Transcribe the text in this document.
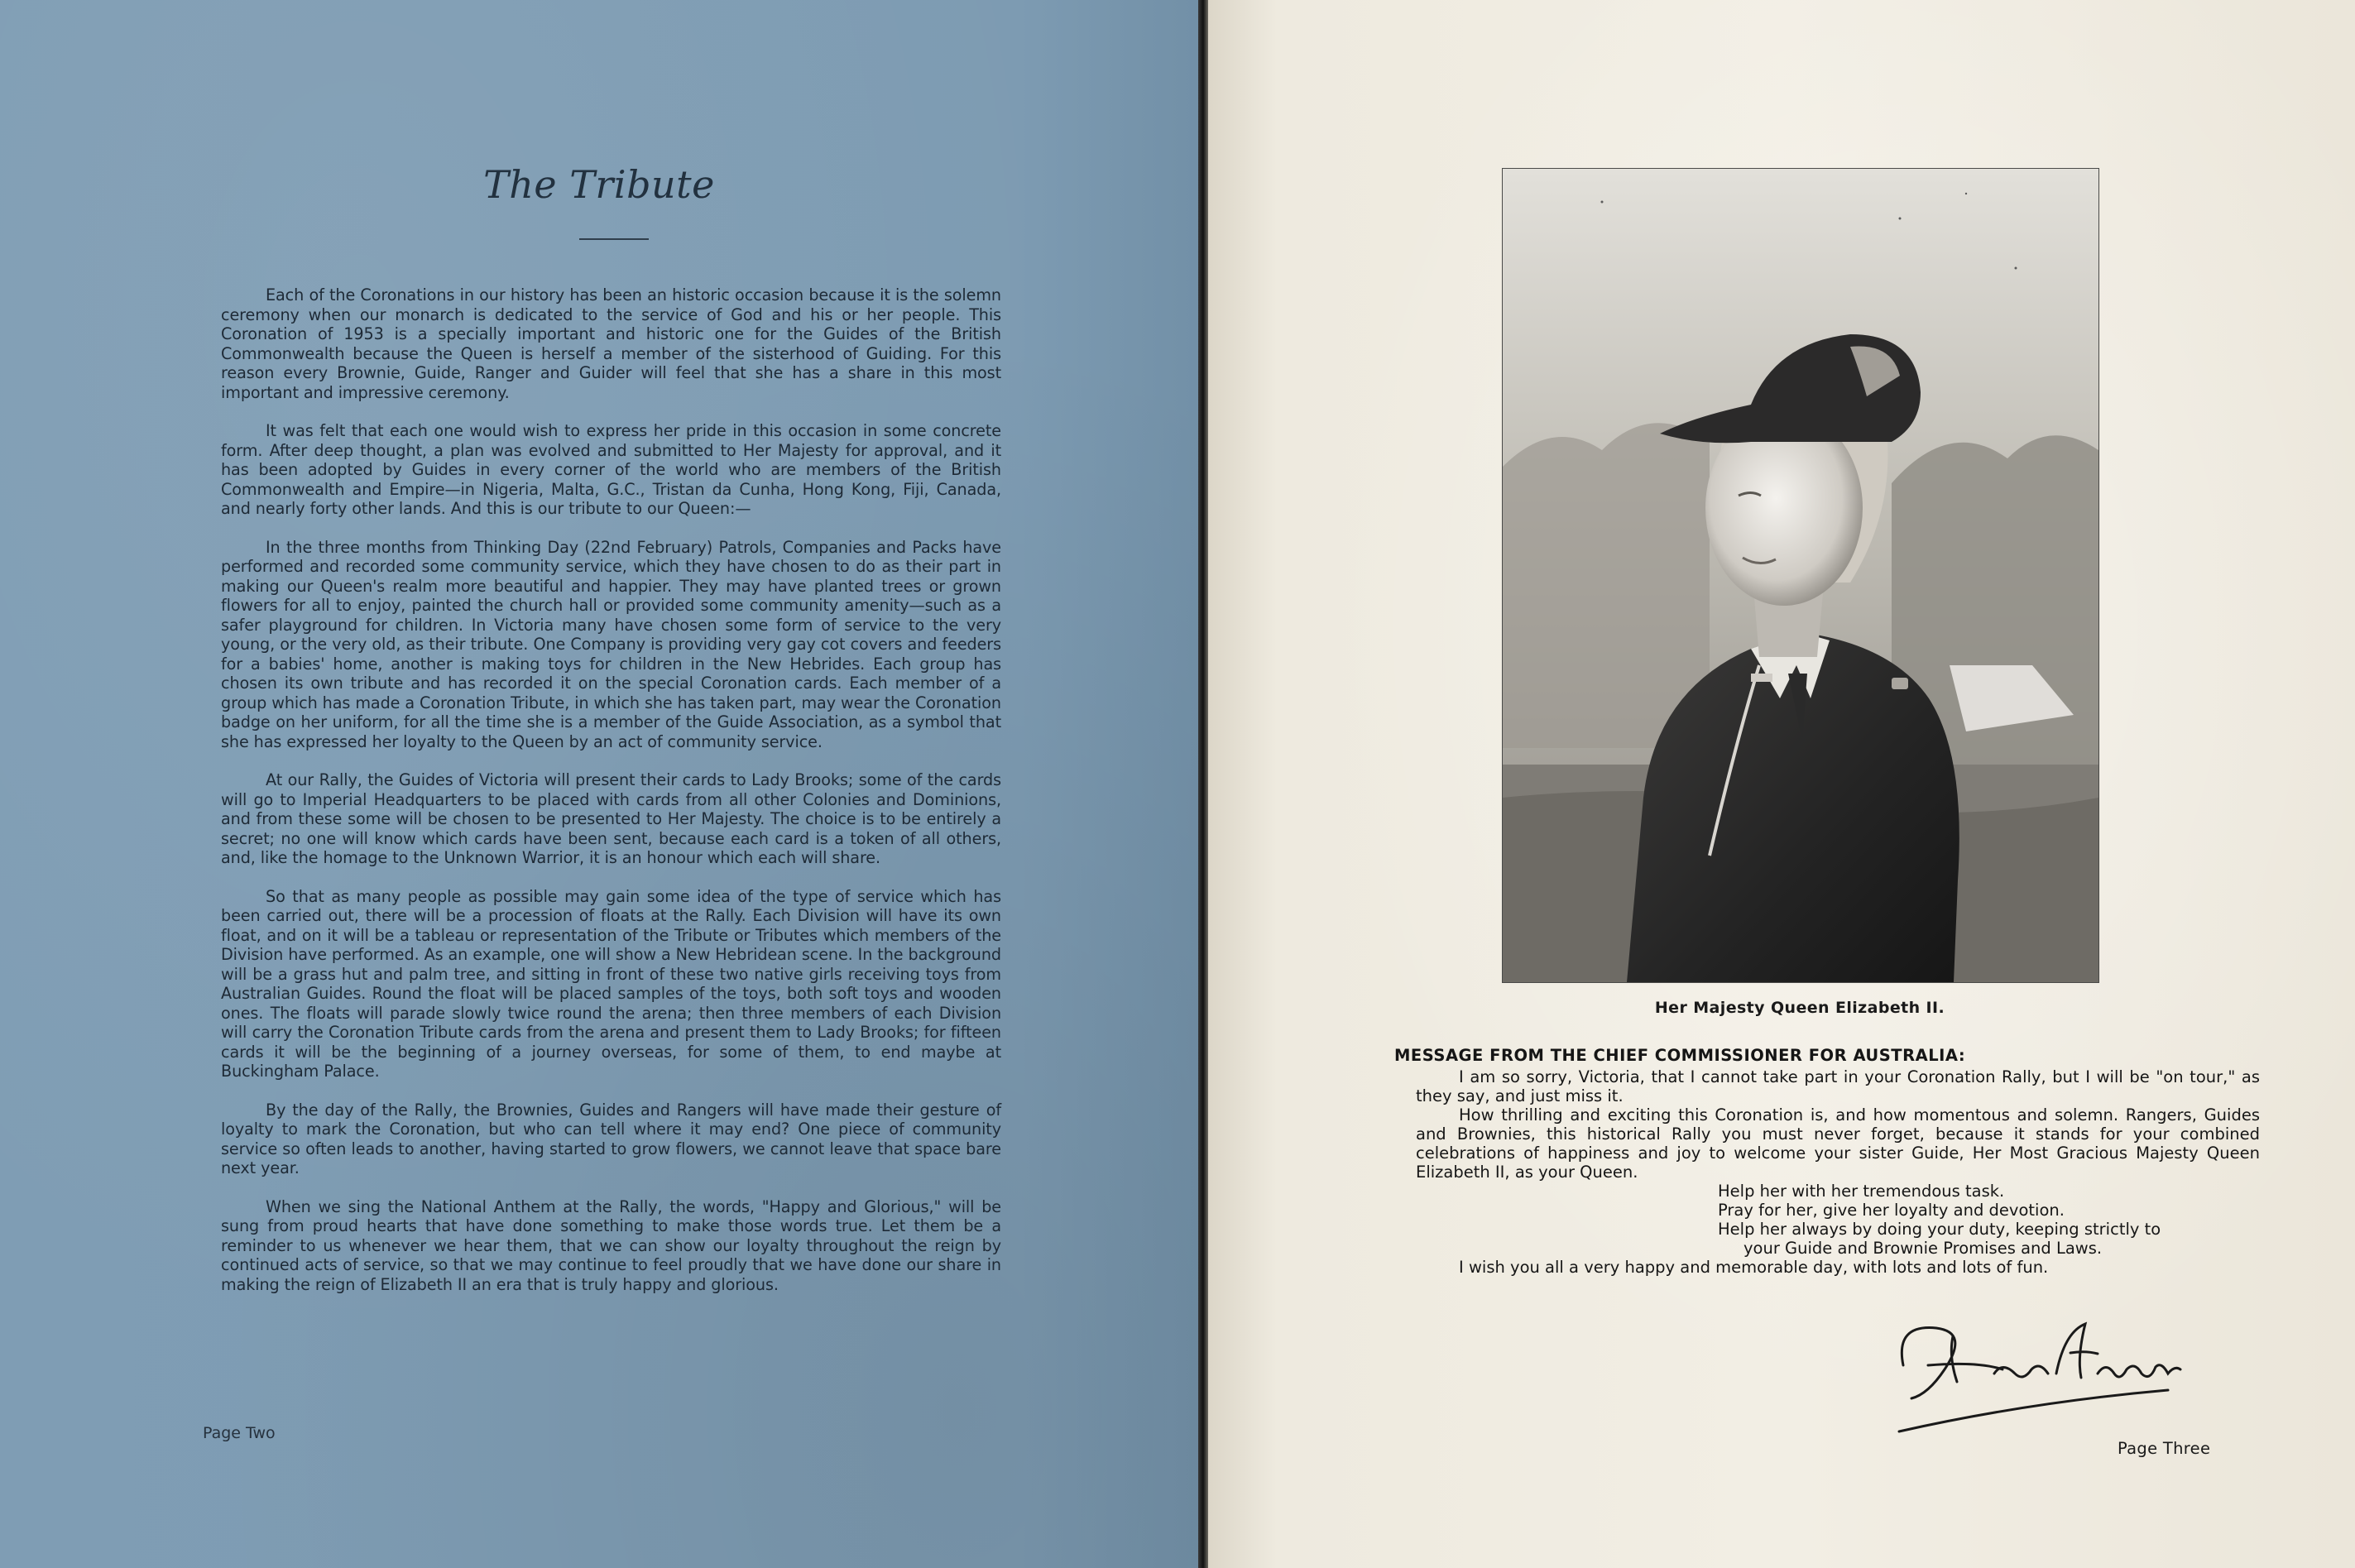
The Tribute

Each of the Coronations in our history has been an historic occasion because it is the solemn ceremony when our monarch is dedicated to the service of God and his or her people. This Coronation of 1953 is a specially important and historic one for the Guides of the British Commonwealth because the Queen is herself a member of the sisterhood of Guiding. For this reason every Brownie, Guide, Ranger and Guider will feel that she has a share in this most important and impressive ceremony.

It was felt that each one would wish to express her pride in this occasion in some concrete form. After deep thought, a plan was evolved and submitted to Her Majesty for approval, and it has been adopted by Guides in every corner of the world who are members of the British Commonwealth and Empire—in Nigeria, Malta, G.C., Tristan da Cunha, Hong Kong, Fiji, Canada, and nearly forty other lands. And this is our tribute to our Queen:—

In the three months from Thinking Day (22nd February) Patrols, Companies and Packs have performed and recorded some community service, which they have chosen to do as their part in making our Queen's realm more beautiful and happier. They may have planted trees or grown flowers for all to enjoy, painted the church hall or provided some community amenity—such as a safer playground for children. In Victoria many have chosen some form of service to the very young, or the very old, as their tribute. One Company is providing very gay cot covers and feeders for a babies' home, another is making toys for children in the New Hebrides. Each group has chosen its own tribute and has recorded it on the special Coronation cards. Each member of a group which has made a Coronation Tribute, in which she has taken part, may wear the Coronation badge on her uniform, for all the time she is a member of the Guide Association, as a symbol that she has expressed her loyalty to the Queen by an act of community service.

At our Rally, the Guides of Victoria will present their cards to Lady Brooks; some of the cards will go to Imperial Headquarters to be placed with cards from all other Colonies and Dominions, and from these some will be chosen to be presented to Her Majesty. The choice is to be entirely a secret; no one will know which cards have been sent, because each card is a token of all others, and, like the homage to the Unknown Warrior, it is an honour which each will share.

So that as many people as possible may gain some idea of the type of service which has been carried out, there will be a procession of floats at the Rally. Each Division will have its own float, and on it will be a tableau or representation of the Tribute or Tributes which members of the Division have performed. As an example, one will show a New Hebridean scene. In the background will be a grass hut and palm tree, and sitting in front of these two native girls receiving toys from Australian Guides. Round the float will be placed samples of the toys, both soft toys and wooden ones. The floats will parade slowly twice round the arena; then three members of each Division will carry the Coronation Tribute cards from the arena and present them to Lady Brooks; for fifteen cards it will be the beginning of a journey overseas, for some of them, to end maybe at Buckingham Palace.

By the day of the Rally, the Brownies, Guides and Rangers will have made their gesture of loyalty to mark the Coronation, but who can tell where it may end? One piece of community service so often leads to another, having started to grow flowers, we cannot leave that space bare next year.

When we sing the National Anthem at the Rally, the words, "Happy and Glorious," will be sung from proud hearts that have done something to make those words true. Let them be a reminder to us whenever we hear them, that we can show our loyalty throughout the reign by continued acts of service, so that we may continue to feel proudly that we have done our share in making the reign of Elizabeth II an era that is truly happy and glorious.

Page Two
Her Majesty Queen Elizabeth II.
MESSAGE FROM THE CHIEF COMMISSIONER FOR AUSTRALIA:

I am so sorry, Victoria, that I cannot take part in your Coronation Rally, but I will be "on tour," as they say, and just miss it.

How thrilling and exciting this Coronation is, and how momentous and solemn. Rangers, Guides and Brownies, this historical Rally you must never forget, because it stands for your combined celebrations of happiness and joy to welcome your sister Guide, Her Most Gracious Majesty Queen Elizabeth II, as your Queen.

Help her with her tremendous task.
Pray for her, give her loyalty and devotion.
Help her always by doing your duty, keeping strictly to
your Guide and Brownie Promises and Laws.

I wish you all a very happy and memorable day, with lots and lots of fun.

Page Three
